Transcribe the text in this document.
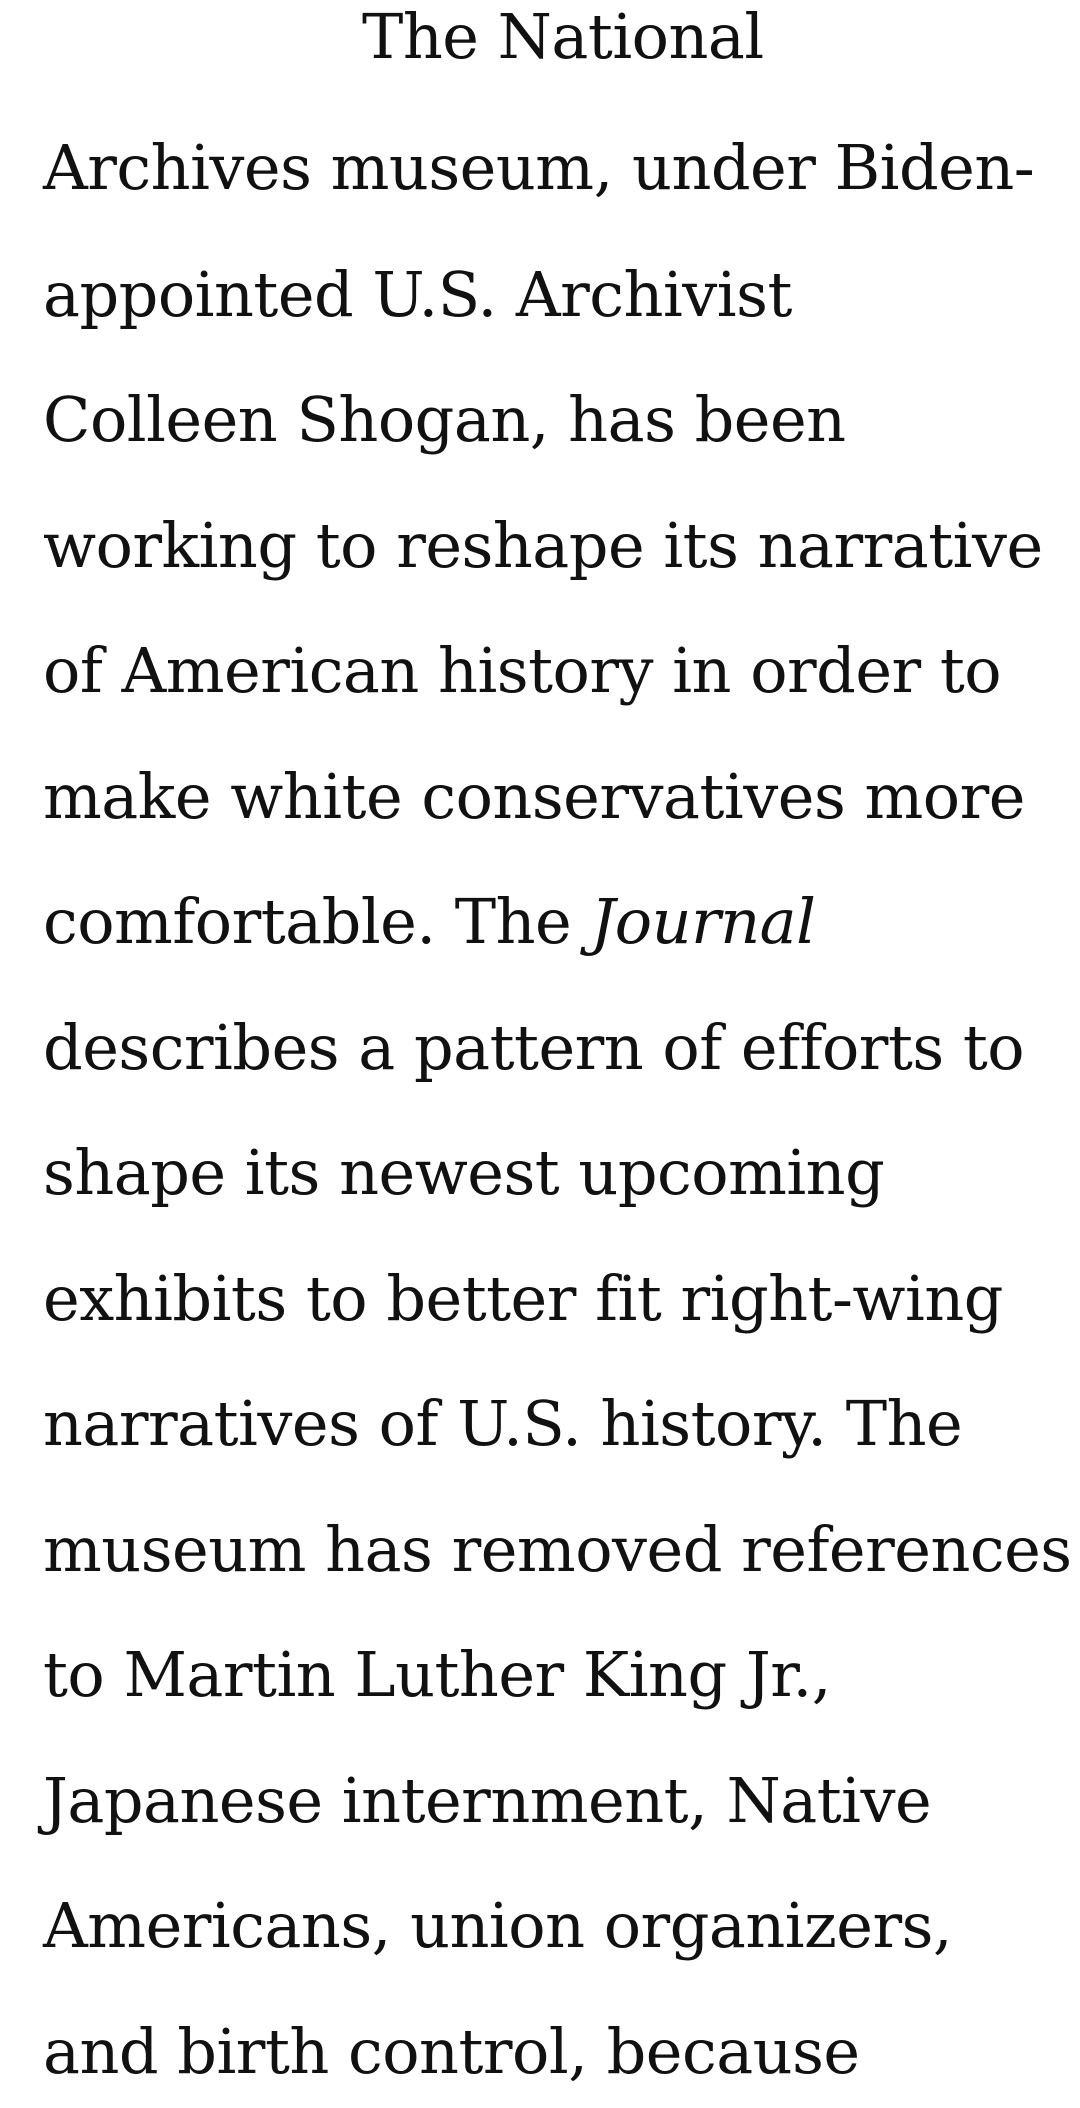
The National
Archives museum, under Biden-
appointed U.S. Archivist
Colleen Shogan, has been
working to reshape its narrative
of American history in order to
make white conservatives more
comfortable. The Journal
describes a pattern of efforts to
shape its newest upcoming
exhibits to better fit right-wing
narratives of U.S. history. The
museum has removed references
to Martin Luther King Jr.,
Japanese internment, Native
Americans, union organizers,
and birth control, because
